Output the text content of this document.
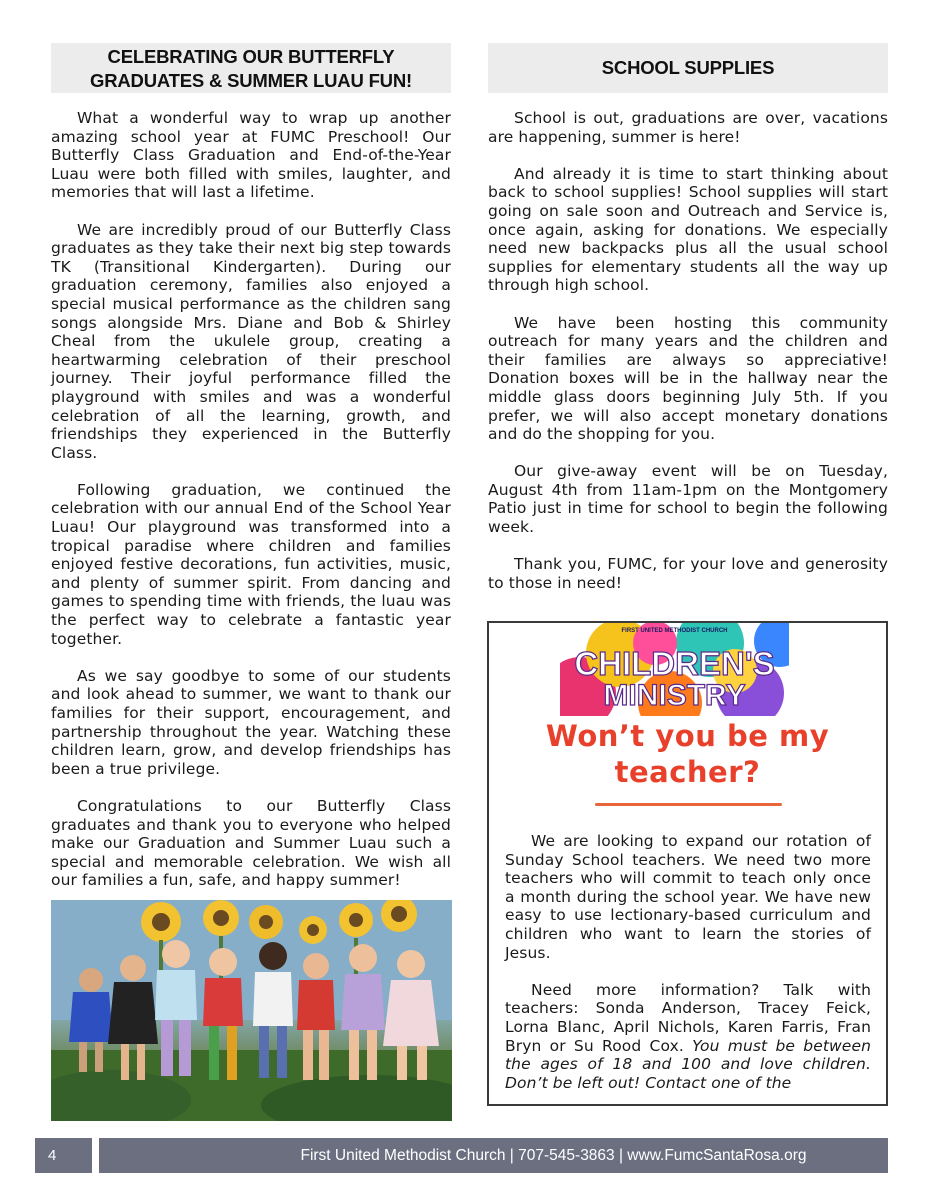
CELEBRATING OUR BUTTERFLY GRADUATES & SUMMER LUAU FUN!

What a wonderful way to wrap up another amazing school year at FUMC Preschool! Our Butterfly Class Graduation and End-of-the-Year Luau were both filled with smiles, laughter, and memories that will last a lifetime.

We are incredibly proud of our Butterfly Class graduates as they take their next big step towards TK (Transitional Kindergarten). During our graduation ceremony, families also enjoyed a special musical performance as the children sang songs alongside Mrs. Diane and Bob & Shirley Cheal from the ukulele group, creating a heartwarming celebration of their preschool journey. Their joyful performance filled the playground with smiles and was a wonderful celebration of all the learning, growth, and friendships they experienced in the Butterfly Class.

Following graduation, we continued the celebration with our annual End of the School Year Luau! Our playground was transformed into a tropical paradise where children and families enjoyed festive decorations, fun activities, music, and plenty of summer spirit. From dancing and games to spending time with friends, the luau was the perfect way to celebrate a fantastic year together.

As we say goodbye to some of our students and look ahead to summer, we want to thank our families for their support, encouragement, and partnership throughout the year. Watching these children learn, grow, and develop friendships has been a true privilege.

Congratulations to our Butterfly Class graduates and thank you to everyone who helped make our Graduation and Summer Luau such a special and memorable celebration. We wish all our families a fun, safe, and happy summer!

SCHOOL SUPPLIES

School is out, graduations are over, vacations are happening, summer is here!

And already it is time to start thinking about back to school supplies! School supplies will start going on sale soon and Outreach and Service is, once again, asking for donations. We especially need new backpacks plus all the usual school supplies for elementary students all the way up through high school.

We have been hosting this community outreach for many years and the children and their families are always so appreciative! Donation boxes will be in the hallway near the middle glass doors beginning July 5th. If you prefer, we will also accept monetary donations and do the shopping for you.

Our give-away event will be on Tuesday, August 4th from 11am-1pm on the Montgomery Patio just in time for school to begin the following week.

Thank you, FUMC, for your love and generosity to those in need!

FIRST UNITED METHODIST CHURCH
CHILDREN'S
MINISTRY
Won’t you be my
teacher?

We are looking to expand our rotation of Sunday School teachers. We need two more teachers who will commit to teach only once a month during the school year. We have new easy to use lectionary-based curriculum and children who want to learn the stories of Jesus.

Need more information? Talk with teachers: Sonda Anderson, Tracey Feick, Lorna Blanc, April Nichols, Karen Farris, Fran Bryn or Su Rood Cox. You must be between the ages of 18 and 100 and love children. Don’t be left out! Contact one of the

4	First United Methodist Church | 707-545-3863 | www.FumcSantaRosa.org
